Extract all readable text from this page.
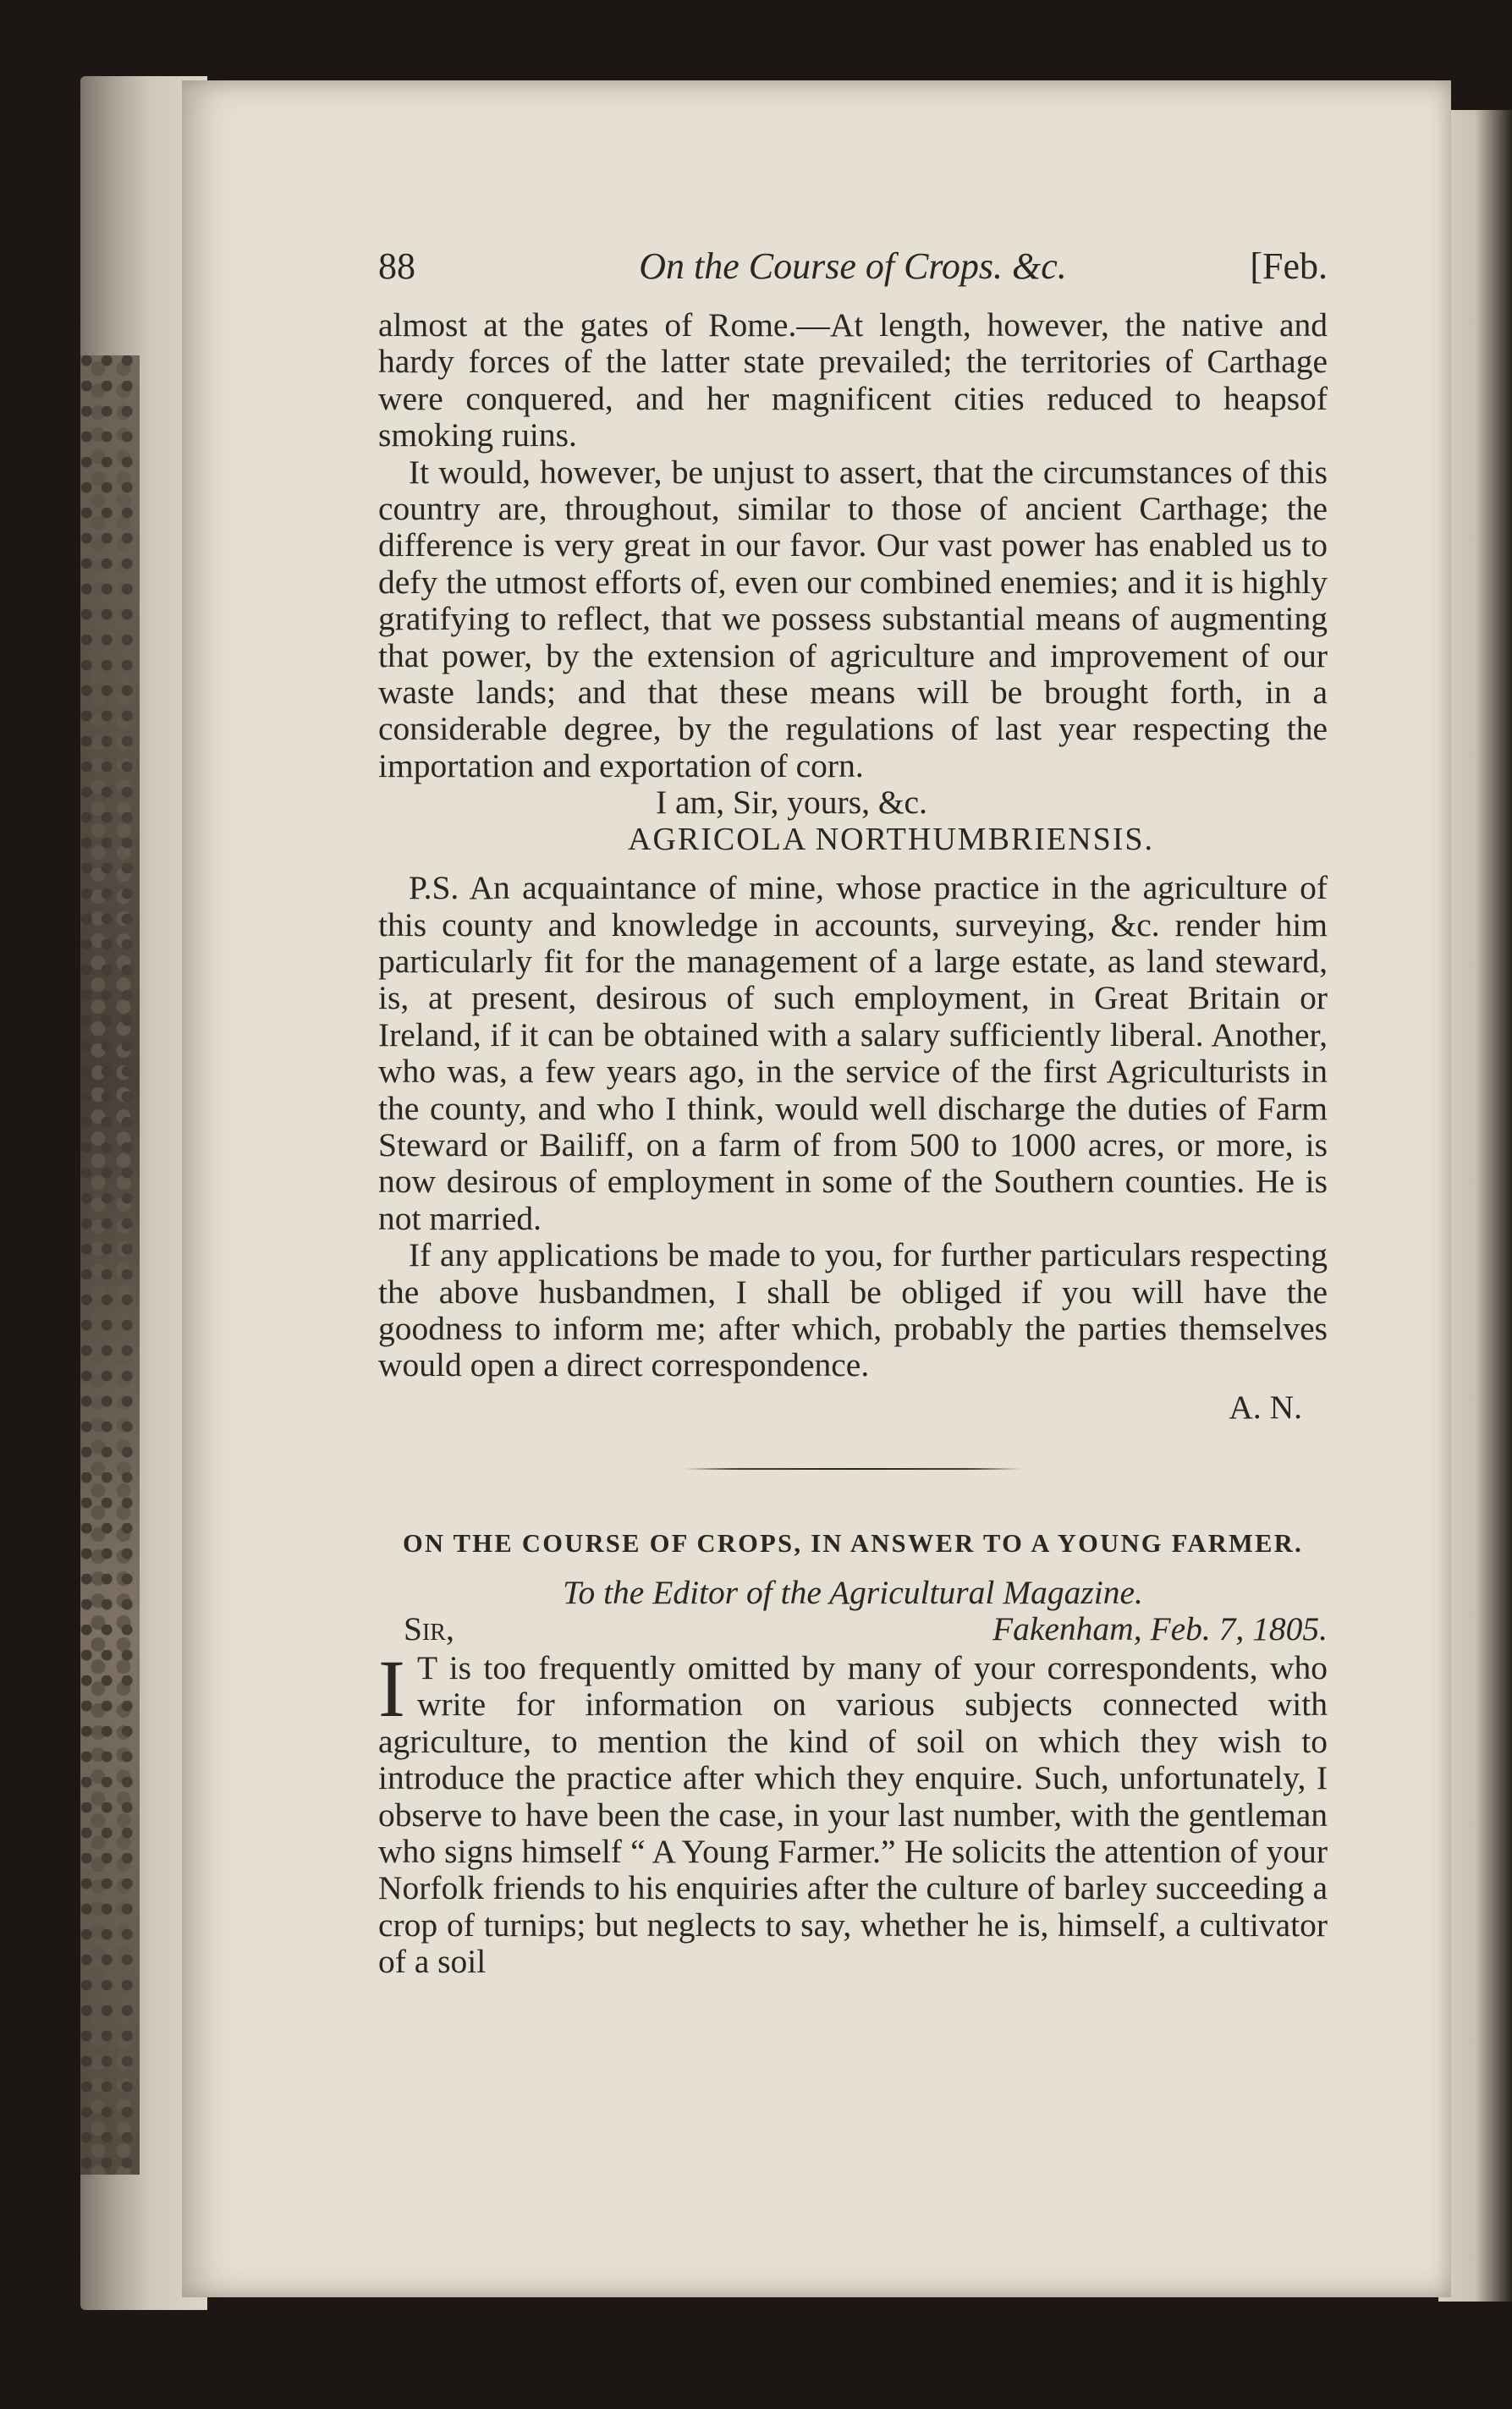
88	On the Course of Crops. &c.	[Feb.

almost at the gates of Rome.—At length, however, the native and hardy forces of the latter state prevailed; the territories of Carthage were conquered, and her magnificent cities reduced to heapsof smoking ruins.

It would, however, be unjust to assert, that the circumstances of this country are, throughout, similar to those of ancient Carthage; the difference is very great in our favor. Our vast power has enabled us to defy the utmost efforts of, even our combined enemies; and it is highly gratifying to reflect, that we possess substantial means of augmenting that power, by the extension of agriculture and improvement of our waste lands; and that these means will be brought forth, in a considerable degree, by the regulations of last year respecting the importation and exportation of corn.

I am, Sir, yours, &c.

AGRICOLA NORTHUMBRIENSIS.

P.S. An acquaintance of mine, whose practice in the agriculture of this county and knowledge in accounts, surveying, &c. render him particularly fit for the management of a large estate, as land steward, is, at present, desirous of such employment, in Great Britain or Ireland, if it can be obtained with a salary sufficiently liberal. Another, who was, a few years ago, in the service of the first Agriculturists in the county, and who I think, would well discharge the duties of Farm Steward or Bailiff, on a farm of from 500 to 1000 acres, or more, is now desirous of employment in some of the Southern counties. He is not married.

If any applications be made to you, for further particulars respecting the above husbandmen, I shall be obliged if you will have the goodness to inform me; after which, probably the parties themselves would open a direct correspondence.

A. N.

ON THE COURSE OF CROPS, IN ANSWER TO A YOUNG FARMER.

To the Editor of the Agricultural Magazine.

Sir,	Fakenham, Feb. 7, 1805.

I T is too frequently omitted by many of your correspondents, who write for information on various subjects connected with agriculture, to mention the kind of soil on which they wish to introduce the practice after which they enquire. Such, unfortunately, I observe to have been the case, in your last number, with the gentleman who signs himself “ A Young Farmer.” He solicits the attention of your Norfolk friends to his enquiries after the culture of barley succeeding a crop of turnips; but neglects to say, whether he is, himself, a cultivator of a soil
